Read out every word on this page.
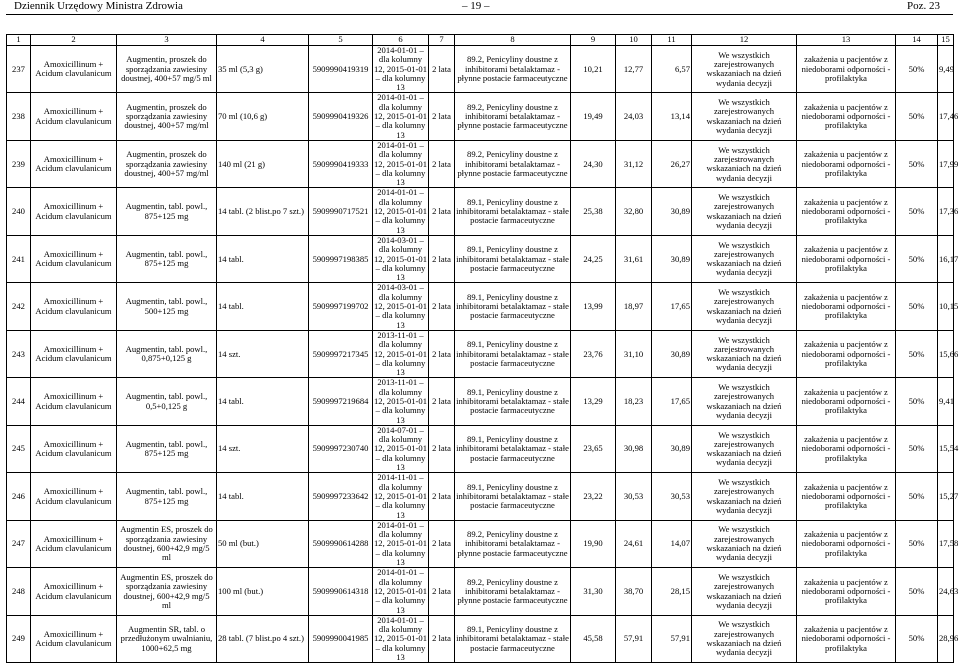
Dziennik Urzędowy Ministra Zdrowia	– 19 –	Poz. 23
1	2	3	4	5	6	7	8	9	10	11	12	13	14	15
237	Amoxicillinum + Acidum clavulanicum	Augmentin, proszek do sporządzania zawiesiny doustnej, 400+57 mg/5 ml	35 ml (5,3 g)	5909990419319	2014-01-01 – dla kolumny 12, 2015-01-01 – dla kolumny 13	2 lata	89.2, Penicyliny doustne z inhibitorami betalaktamaz - płynne postacie farmaceutyczne	10,21	12,77	6,57	We wszystkich zarejestrowanych wskazaniach na dzień wydania decyzji	zakażenia u pacjentów z niedoborami odporności - profilaktyka	50%	9,49
238	Amoxicillinum + Acidum clavulanicum	Augmentin, proszek do sporządzania zawiesiny doustnej, 400+57 mg/ml	70 ml (10,6 g)	5909990419326	2014-01-01 – dla kolumny 12, 2015-01-01 – dla kolumny 13	2 lata	89.2, Penicyliny doustne z inhibitorami betalaktamaz - płynne postacie farmaceutyczne	19,49	24,03	13,14	We wszystkich zarejestrowanych wskazaniach na dzień wydania decyzji	zakażenia u pacjentów z niedoborami odporności - profilaktyka	50%	17,46
239	Amoxicillinum + Acidum clavulanicum	Augmentin, proszek do sporządzania zawiesiny doustnej, 400+57 mg/ml	140 ml (21 g)	5909990419333	2014-01-01 – dla kolumny 12, 2015-01-01 – dla kolumny 13	2 lata	89.2, Penicyliny doustne z inhibitorami betalaktamaz - płynne postacie farmaceutyczne	24,30	31,12	26,27	We wszystkich zarejestrowanych wskazaniach na dzień wydania decyzji	zakażenia u pacjentów z niedoborami odporności - profilaktyka	50%	17,99
240	Amoxicillinum + Acidum clavulanicum	Augmentin, tabl. powl., 875+125 mg	14 tabl. (2 blist.po 7 szt.)	5909990717521	2014-01-01 – dla kolumny 12, 2015-01-01 – dla kolumny 13	2 lata	89.1, Penicyliny doustne z inhibitorami betalaktamaz - stałe postacie farmaceutyczne	25,38	32,80	30,89	We wszystkich zarejestrowanych wskazaniach na dzień wydania decyzji	zakażenia u pacjentów z niedoborami odporności - profilaktyka	50%	17,36
241	Amoxicillinum + Acidum clavulanicum	Augmentin, tabl. powl., 875+125 mg	14 tabl.	5909997198385	2014-03-01 – dla kolumny 12, 2015-01-01 – dla kolumny 13	2 lata	89.1, Penicyliny doustne z inhibitorami betalaktamaz - stałe postacie farmaceutyczne	24,25	31,61	30,89	We wszystkich zarejestrowanych wskazaniach na dzień wydania decyzji	zakażenia u pacjentów z niedoborami odporności - profilaktyka	50%	16,17
242	Amoxicillinum + Acidum clavulanicum	Augmentin, tabl. powl., 500+125 mg	14 tabl.	5909997199702	2014-03-01 – dla kolumny 12, 2015-01-01 – dla kolumny 13	2 lata	89.1, Penicyliny doustne z inhibitorami betalaktamaz - stałe postacie farmaceutyczne	13,99	18,97	17,65	We wszystkich zarejestrowanych wskazaniach na dzień wydania decyzji	zakażenia u pacjentów z niedoborami odporności - profilaktyka	50%	10,15
243	Amoxicillinum + Acidum clavulanicum	Augmentin, tabl. powl., 0,875+0,125 g	14 szt.	5909997217345	2013-11-01 – dla kolumny 12, 2015-01-01 – dla kolumny 13	2 lata	89.1, Penicyliny doustne z inhibitorami betalaktamaz - stałe postacie farmaceutyczne	23,76	31,10	30,89	We wszystkich zarejestrowanych wskazaniach na dzień wydania decyzji	zakażenia u pacjentów z niedoborami odporności - profilaktyka	50%	15,66
244	Amoxicillinum + Acidum clavulanicum	Augmentin, tabl. powl., 0,5+0,125 g	14 tabl.	5909997219684	2013-11-01 – dla kolumny 12, 2015-01-01 – dla kolumny 13	2 lata	89.1, Penicyliny doustne z inhibitorami betalaktamaz - stałe postacie farmaceutyczne	13,29	18,23	17,65	We wszystkich zarejestrowanych wskazaniach na dzień wydania decyzji	zakażenia u pacjentów z niedoborami odporności - profilaktyka	50%	9,41
245	Amoxicillinum + Acidum clavulanicum	Augmentin, tabl. powl., 875+125 mg	14 szt.	5909997230740	2014-07-01 – dla kolumny 12, 2015-01-01 – dla kolumny 13	2 lata	89.1, Penicyliny doustne z inhibitorami betalaktamaz - stałe postacie farmaceutyczne	23,65	30,98	30,89	We wszystkich zarejestrowanych wskazaniach na dzień wydania decyzji	zakażenia u pacjentów z niedoborami odporności - profilaktyka	50%	15,54
246	Amoxicillinum + Acidum clavulanicum	Augmentin, tabl. powl., 875+125 mg	14 tabl.	5909997233642	2014-11-01 – dla kolumny 12, 2015-01-01 – dla kolumny 13	2 lata	89.1, Penicyliny doustne z inhibitorami betalaktamaz - stałe postacie farmaceutyczne	23,22	30,53	30,53	We wszystkich zarejestrowanych wskazaniach na dzień wydania decyzji	zakażenia u pacjentów z niedoborami odporności - profilaktyka	50%	15,27
247	Amoxicillinum + Acidum clavulanicum	Augmentin ES, proszek do sporządzania zawiesiny doustnej, 600+42,9 mg/5 ml	50 ml (but.)	5909990614288	2014-01-01 – dla kolumny 12, 2015-01-01 – dla kolumny 13	2 lata	89.2, Penicyliny doustne z inhibitorami betalaktamaz - płynne postacie farmaceutyczne	19,90	24,61	14,07	We wszystkich zarejestrowanych wskazaniach na dzień wydania decyzji	zakażenia u pacjentów z niedoborami odporności - profilaktyka	50%	17,58
248	Amoxicillinum + Acidum clavulanicum	Augmentin ES, proszek do sporządzania zawiesiny doustnej, 600+42,9 mg/5 ml	100 ml (but.)	5909990614318	2014-01-01 – dla kolumny 12, 2015-01-01 – dla kolumny 13	2 lata	89.2, Penicyliny doustne z inhibitorami betalaktamaz - płynne postacie farmaceutyczne	31,30	38,70	28,15	We wszystkich zarejestrowanych wskazaniach na dzień wydania decyzji	zakażenia u pacjentów z niedoborami odporności - profilaktyka	50%	24,63
249	Amoxicillinum + Acidum clavulanicum	Augmentin SR, tabl. o przedłużonym uwalnianiu, 1000+62,5 mg	28 tabl. (7 blist.po 4 szt.)	5909990041985	2014-01-01 – dla kolumny 12, 2015-01-01 – dla kolumny 13	2 lata	89.1, Penicyliny doustne z inhibitorami betalaktamaz - stałe postacie farmaceutyczne	45,58	57,91	57,91	We wszystkich zarejestrowanych wskazaniach na dzień wydania decyzji	zakażenia u pacjentów z niedoborami odporności - profilaktyka	50%	28,96
